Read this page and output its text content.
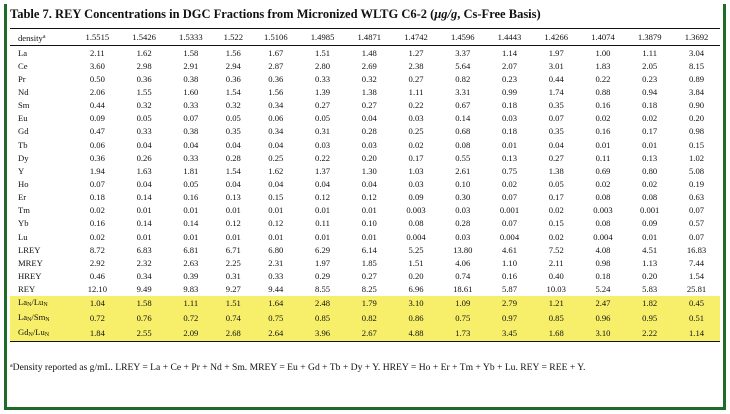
Table 7. REY Concentrations in DGC Fractions from Micronized WLTG C6-2 (μg/g, Cs-Free Basis)
density$^a$	1.5515	1.5426	1.5333	1.522	1.5106	1.4985	1.4871	1.4742	1.4596	1.4443	1.4266	1.4074	1.3879	1.3692
La	2.11	1.62	1.58	1.56	1.67	1.51	1.48	1.27	3.37	1.14	1.97	1.00	1.11	3.04
Ce	3.60	2.98	2.91	2.94	2.87	2.80	2.69	2.38	5.64	2.07	3.01	1.83	2.05	8.15
Pr	0.50	0.36	0.38	0.36	0.36	0.33	0.32	0.27	0.82	0.23	0.44	0.22	0.23	0.89
Nd	2.06	1.55	1.60	1.54	1.56	1.39	1.38	1.11	3.31	0.99	1.74	0.88	0.94	3.84
Sm	0.44	0.32	0.33	0.32	0.34	0.27	0.27	0.22	0.67	0.18	0.35	0.16	0.18	0.90
Eu	0.09	0.05	0.07	0.05	0.06	0.05	0.04	0.03	0.14	0.03	0.07	0.02	0.02	0.20
Gd	0.47	0.33	0.38	0.35	0.34	0.31	0.28	0.25	0.68	0.18	0.35	0.16	0.17	0.98
Tb	0.06	0.04	0.04	0.04	0.04	0.03	0.03	0.02	0.08	0.01	0.04	0.01	0.01	0.15
Dy	0.36	0.26	0.33	0.28	0.25	0.22	0.20	0.17	0.55	0.13	0.27	0.11	0.13	1.02
Y	1.94	1.63	1.81	1.54	1.62	1.37	1.30	1.03	2.61	0.75	1.38	0.69	0.80	5.08
Ho	0.07	0.04	0.05	0.04	0.04	0.04	0.04	0.03	0.10	0.02	0.05	0.02	0.02	0.19
Er	0.18	0.14	0.16	0.13	0.15	0.12	0.12	0.09	0.30	0.07	0.17	0.08	0.08	0.63
Tm	0.02	0.01	0.01	0.01	0.01	0.01	0.01	0.003	0.03	0.001	0.02	0.003	0.001	0.07
Yb	0.16	0.14	0.14	0.12	0.12	0.11	0.10	0.08	0.28	0.07	0.15	0.08	0.09	0.57
Lu	0.02	0.01	0.01	0.01	0.01	0.01	0.01	0.004	0.03	0.004	0.02	0.004	0.01	0.07
LREY	8.72	6.83	6.81	6.71	6.80	6.29	6.14	5.25	13.80	4.61	7.52	4.08	4.51	16.83
MREY	2.92	2.32	2.63	2.25	2.31	1.97	1.85	1.51	4.06	1.10	2.11	0.98	1.13	7.44
HREY	0.46	0.34	0.39	0.31	0.33	0.29	0.27	0.20	0.74	0.16	0.40	0.18	0.20	1.54
REY	12.10	9.49	9.83	9.27	9.44	8.55	8.25	6.96	18.61	5.87	10.03	5.24	5.83	25.81
LaN/LuN	1.04	1.58	1.11	1.51	1.64	2.48	1.79	3.10	1.09	2.79	1.21	2.47	1.82	0.45
LaN/SmN	0.72	0.76	0.72	0.74	0.75	0.85	0.82	0.86	0.75	0.97	0.85	0.96	0.95	0.51
GdN/LuN	1.84	2.55	2.09	2.68	2.64	3.96	2.67	4.88	1.73	3.45	1.68	3.10	2.22	1.14
$^a$Density reported as g/mL. LREY = La + Ce + Pr + Nd + Sm. MREY = Eu + Gd + Tb + Dy + Y. HREY = Ho + Er + Tm + Yb + Lu. REY = REE + Y.
